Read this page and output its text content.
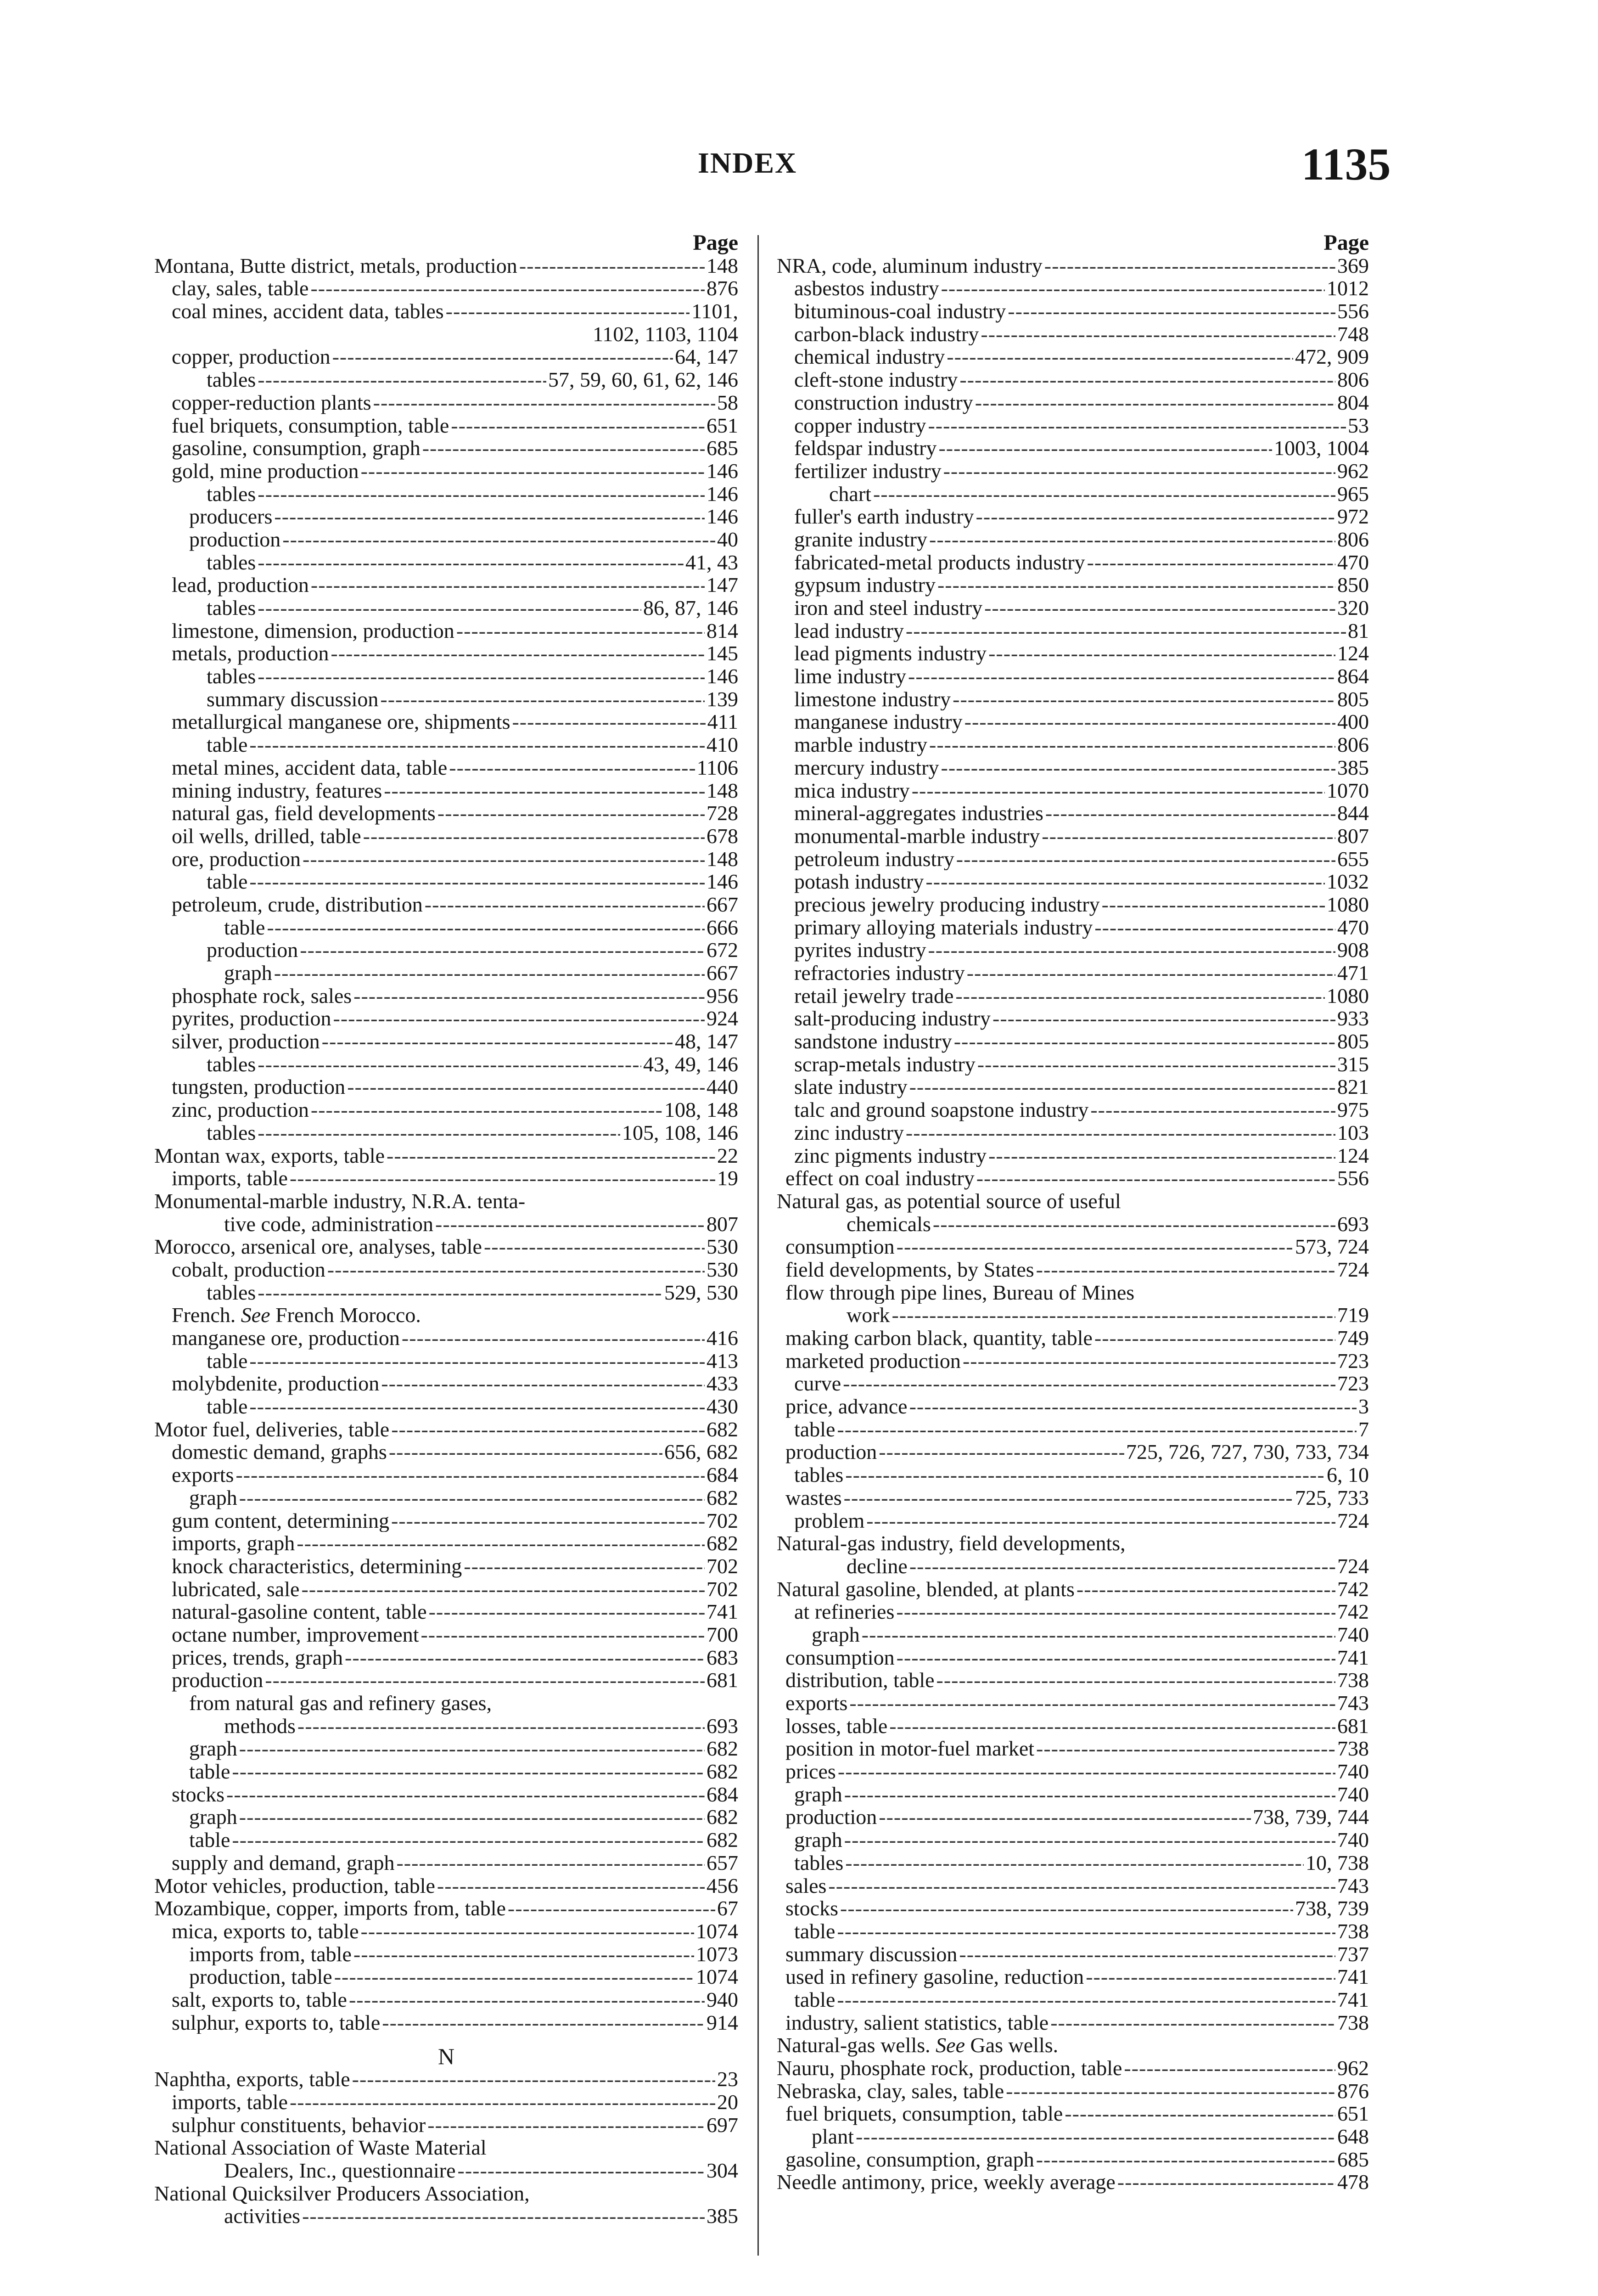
INDEX	1135
Page
Montana, Butte district, metals, production -----	148
clay, sales, table -----	876
coal mines, accident data, tables -----	1101,
1102, 1103, 1104
copper, production -----	64, 147
tables -----	57, 59, 60, 61, 62, 146
copper-reduction plants -----	58
fuel briquets, consumption, table -----	651
gasoline, consumption, graph -----	685
gold, mine production -----	146
tables -----	146
producers -----	146
production -----	40
tables -----	41, 43
lead, production -----	147
tables -----	86, 87, 146
limestone, dimension, production -----	814
metals, production -----	145
tables -----	146
summary discussion -----	139
metallurgical manganese ore, shipments -----	411
table -----	410
metal mines, accident data, table -----	1106
mining industry, features -----	148
natural gas, field developments -----	728
oil wells, drilled, table -----	678
ore, production -----	148
table -----	146
petroleum, crude, distribution -----	667
table -----	666
production -----	672
graph -----	667
phosphate rock, sales -----	956
pyrites, production -----	924
silver, production -----	48, 147
tables -----	43, 49, 146
tungsten, production -----	440
zinc, production -----	108, 148
tables -----	105, 108, 146
Montan wax, exports, table -----	22
imports, table -----	19
Monumental-marble industry, N.R.A. tenta-
tive code, administration -----	807
Morocco, arsenical ore, analyses, table -----	530
cobalt, production -----	530
tables -----	529, 530
French. See French Morocco.
manganese ore, production -----	416
table -----	413
molybdenite, production -----	433
table -----	430
Motor fuel, deliveries, table -----	682
domestic demand, graphs -----	656, 682
exports -----	684
graph -----	682
gum content, determining -----	702
imports, graph -----	682
knock characteristics, determining -----	702
lubricated, sale -----	702
natural-gasoline content, table -----	741
octane number, improvement -----	700
prices, trends, graph -----	683
production -----	681
from natural gas and refinery gases,
methods -----	693
graph -----	682
table -----	682
stocks -----	684
graph -----	682
table -----	682
supply and demand, graph -----	657
Motor vehicles, production, table -----	456
Mozambique, copper, imports from, table -----	67
mica, exports to, table -----	1074
imports from, table -----	1073
production, table -----	1074
salt, exports to, table -----	940
sulphur, exports to, table -----	914
N
Naphtha, exports, table -----	23
imports, table -----	20
sulphur constituents, behavior -----	697
National Association of Waste Material
Dealers, Inc., questionnaire -----	304
National Quicksilver Producers Association,
activities -----	385
Page
NRA, code, aluminum industry -----	369
asbestos industry -----	1012
bituminous-coal industry -----	556
carbon-black industry -----	748
chemical industry -----	472, 909
cleft-stone industry -----	806
construction industry -----	804
copper industry -----	53
feldspar industry -----	1003, 1004
fertilizer industry -----	962
chart -----	965
fuller's earth industry -----	972
granite industry -----	806
fabricated-metal products industry -----	470
gypsum industry -----	850
iron and steel industry -----	320
lead industry -----	81
lead pigments industry -----	124
lime industry -----	864
limestone industry -----	805
manganese industry -----	400
marble industry -----	806
mercury industry -----	385
mica industry -----	1070
mineral-aggregates industries -----	844
monumental-marble industry -----	807
petroleum industry -----	655
potash industry -----	1032
precious jewelry producing industry -----	1080
primary alloying materials industry -----	470
pyrites industry -----	908
refractories industry -----	471
retail jewelry trade -----	1080
salt-producing industry -----	933
sandstone industry -----	805
scrap-metals industry -----	315
slate industry -----	821
talc and ground soapstone industry -----	975
zinc industry -----	103
zinc pigments industry -----	124
effect on coal industry -----	556
Natural gas, as potential source of useful
chemicals -----	693
consumption -----	573, 724
field developments, by States -----	724
flow through pipe lines, Bureau of Mines
work -----	719
making carbon black, quantity, table -----	749
marketed production -----	723
curve -----	723
price, advance -----	3
table -----	7
production -----	725, 726, 727, 730, 733, 734
tables -----	6, 10
wastes -----	725, 733
problem -----	724
Natural-gas industry, field developments,
decline -----	724
Natural gasoline, blended, at plants -----	742
at refineries -----	742
graph -----	740
consumption -----	741
distribution, table -----	738
exports -----	743
losses, table -----	681
position in motor-fuel market -----	738
prices -----	740
graph -----	740
production -----	738, 739, 744
graph -----	740
tables -----	10, 738
sales -----	743
stocks -----	738, 739
table -----	738
summary discussion -----	737
used in refinery gasoline, reduction -----	741
table -----	741
industry, salient statistics, table -----	738
Natural-gas wells. See Gas wells.
Nauru, phosphate rock, production, table -----	962
Nebraska, clay, sales, table -----	876
fuel briquets, consumption, table -----	651
plant -----	648
gasoline, consumption, graph -----	685
Needle antimony, price, weekly average -----	478
